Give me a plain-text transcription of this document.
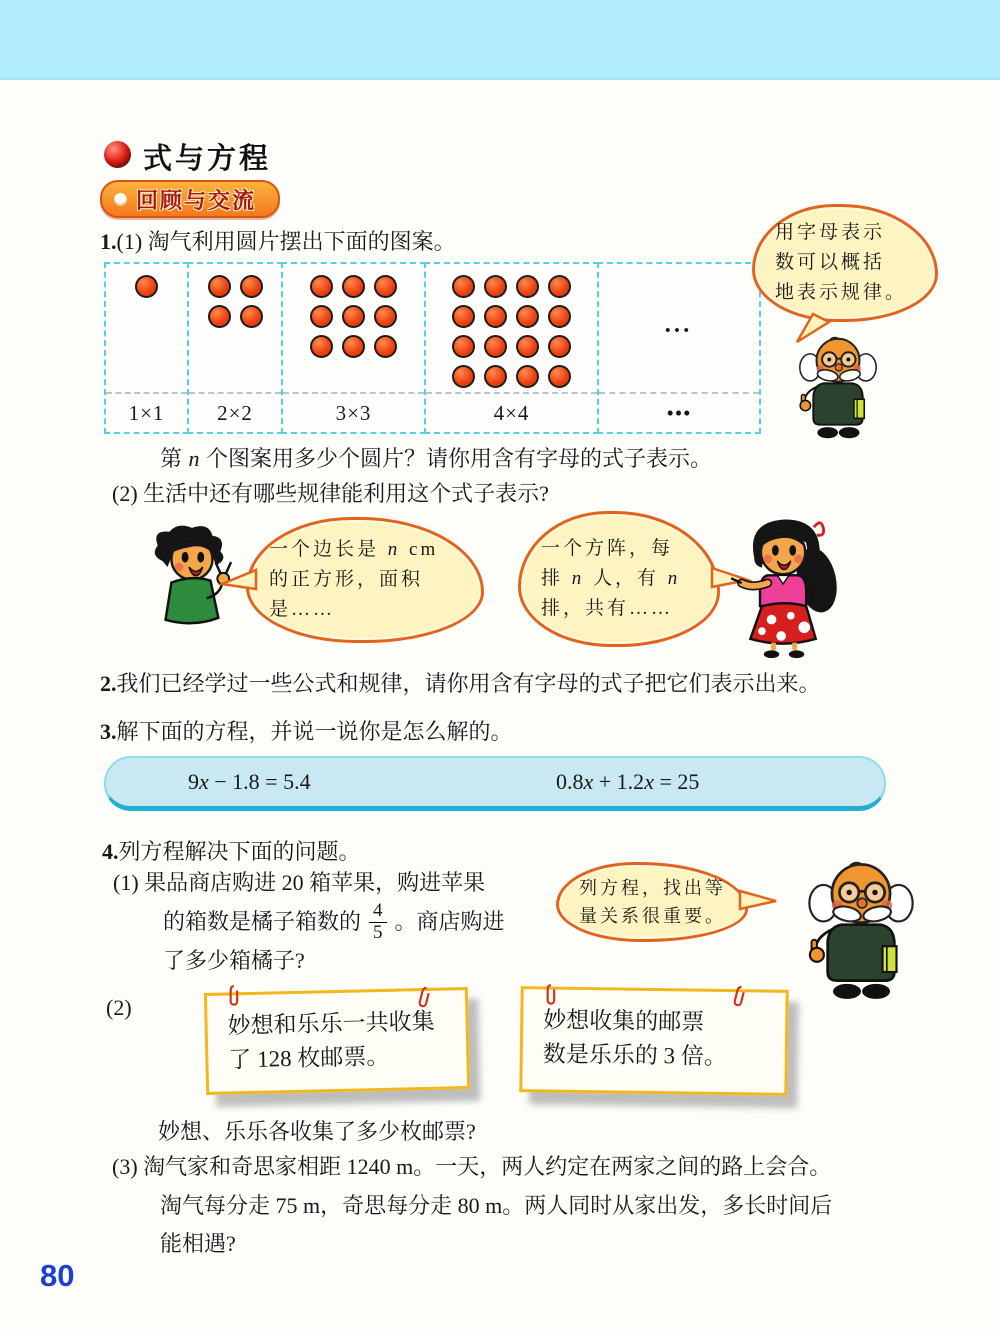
式与方程
回顾与交流
1.(1) 淘气利用圆片摆出下面的图案。
1×1	2×2	3×3	4×4
•••
•••
用字母表示
数可以概括
地表示规律。
第 n 个图案用多少个圆片？请你用含有字母的式子表示。
(2) 生活中还有哪些规律能利用这个式子表示?
一个边长是 n cm
的正方形，面积
是……
一个方阵，每
排 n 人，有 n
排，共有……
2.我们已经学过一些公式和规律，请你用含有字母的式子把它们表示出来。
3.解下面的方程，并说一说你是怎么解的。
9x − 1.8 = 5.4	0.8x + 1.2x = 25
4.列方程解决下面的问题。
(1) 果品商店购进 20 箱苹果，购进苹果
的箱数是橘子箱数的 $\frac{4}{5}$ 。商店购进
了多少箱橘子?
列方程，找出等
量关系很重要。
(2)
妙想和乐乐一共收集
了 128 枚邮票。
妙想收集的邮票
数是乐乐的 3 倍。
妙想、乐乐各收集了多少枚邮票?
(3) 淘气家和奇思家相距 1240 m。一天，两人约定在两家之间的路上会合。
淘气每分走 75 m，奇思每分走 80 m。两人同时从家出发，多长时间后
能相遇?
80
